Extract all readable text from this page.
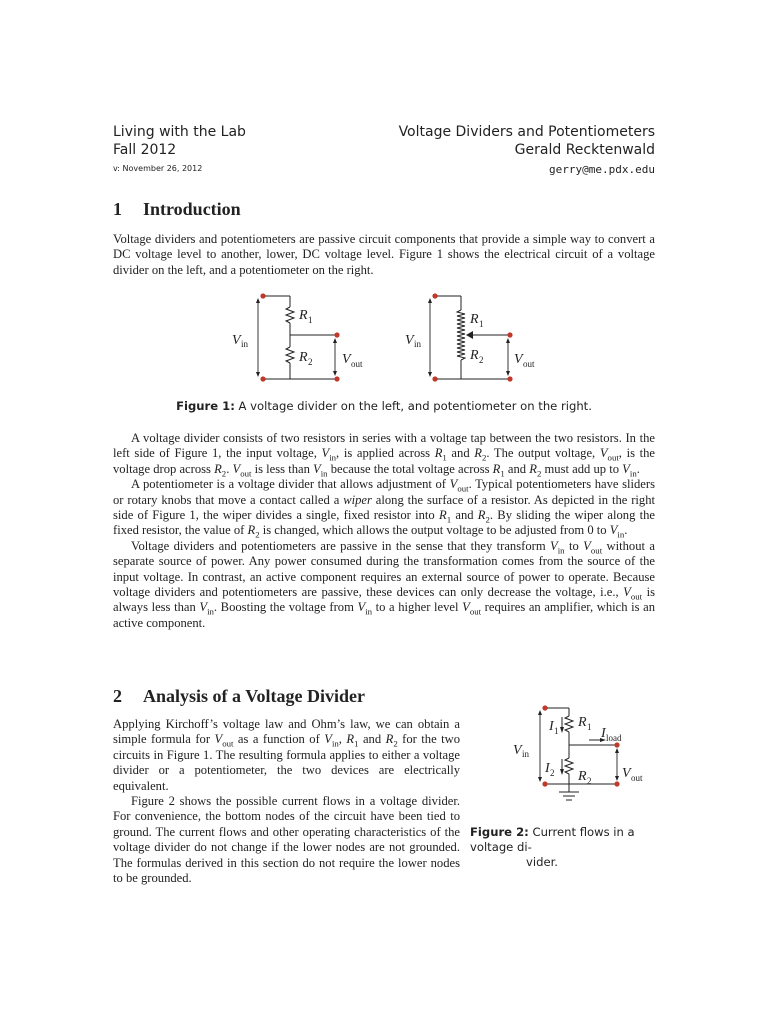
Living with the Lab
Fall 2012
v: November 26, 2012
Voltage Dividers and Potentiometers
Gerald Recktenwald
gerry@me.pdx.edu
1 Introduction

Voltage dividers and potentiometers are passive circuit components that provide a simple way to convert a DC voltage level to another, lower, DC voltage level. Figure 1 shows the electrical circuit of a voltage divider on the left, and a potentiometer on the right.

V in
R 1
R 2 V out
V in
R 1
R 2 V out
Figure 1: A voltage divider on the left, and potentiometer on the right.

A voltage divider consists of two resistors in series with a voltage tap between the two resistors. In the left side of Figure 1, the input voltage, $V_{in}$, is applied across $R_1$ and $R_2$. The output voltage, $V_{out}$, is the voltage drop across $R_2$. $V_{out}$ is less than $V_{in}$ because the total voltage across $R_1$ and $R_2$ must add up to $V_{in}$.

A potentiometer is a voltage divider that allows adjustment of $V_{out}$. Typical potentiometers have sliders or rotary knobs that move a contact called a wiper along the surface of a resistor. As depicted in the right side of Figure 1, the wiper divides a single, fixed resistor into $R_1$ and $R_2$. By sliding the wiper along the fixed resistor, the value of $R_2$ is changed, which allows the output voltage to be adjusted from 0 to $V_{in}$.

Voltage dividers and potentiometers are passive in the sense that they transform $V_{in}$ to $V_{out}$ without a separate source of power. Any power consumed during the transformation comes from the source of the input voltage. In contrast, an active component requires an external source of power to operate. Because voltage dividers and potentiometers are passive, these devices can only decrease the voltage, i.e., $V_{out}$ is always less than $V_{in}$. Boosting the voltage from $V_{in}$ to a higher level $V_{out}$ requires an amplifier, which is an active component.

2 Analysis of a Voltage Divider

Applying Kirchoff’s voltage law and Ohm’s law, we can obtain a simple formula for $V_{out}$ as a function of $V_{in}$, $R_1$ and $R_2$ for the two circuits in Figure 1. The resulting formula applies to either a voltage divider or a potentiometer, the two devices are electrically equivalent.

Figure 2 shows the possible current flows in a voltage divider. For convenience, the bottom nodes of the circuit have been tied to ground. The current flows and other operating characteristics of the voltage divider do not change if the lower nodes are not grounded. The formulas derived in this section do not require the lower nodes to be grounded.

V in
I 1
R 1 I load
I 2 R 2 V out
Figure 2: Current flows in a voltage di-
vider.
